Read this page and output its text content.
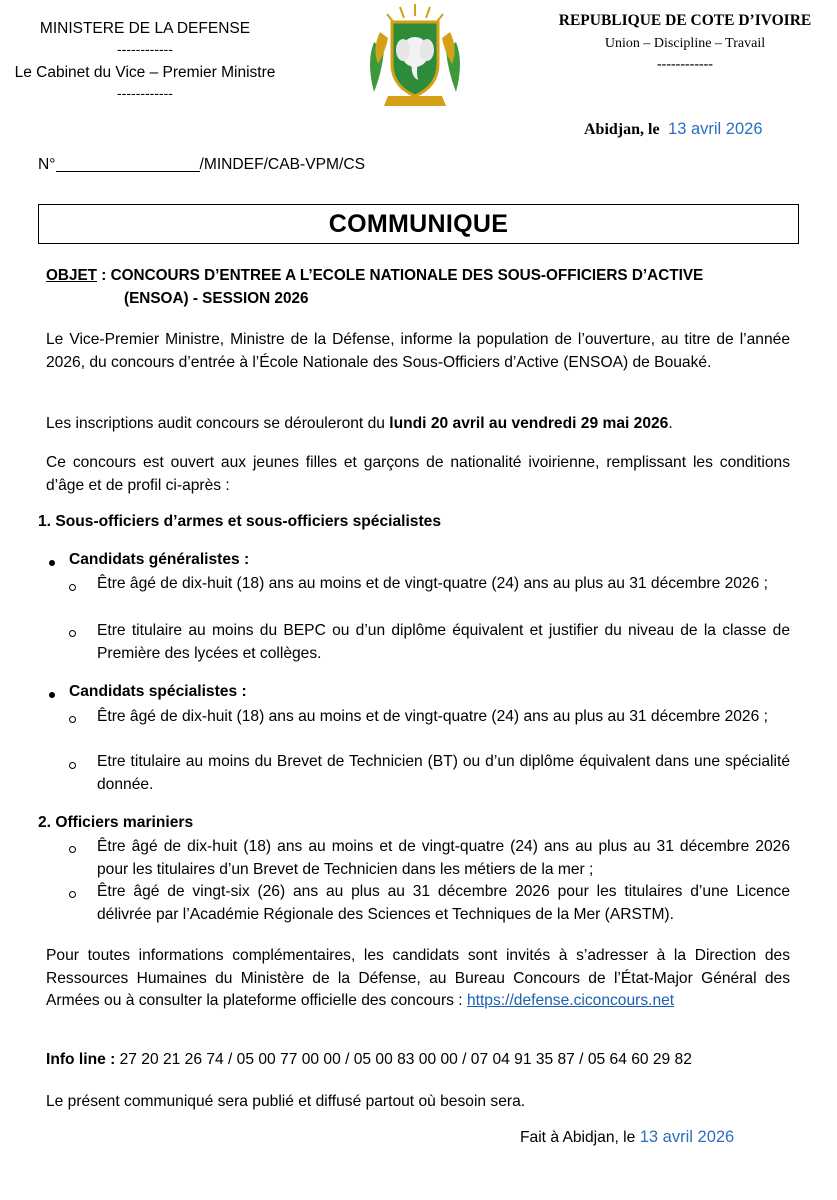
MINISTERE DE LA DEFENSE
------------
Le Cabinet du Vice – Premier Ministre
------------
REPUBLIQUE DE COTE D’IVOIRE
Union – Discipline – Travail
------------
Abidjan, le 13 avril 2026
N°	/MINDEF/CAB-VPM/CS
COMMUNIQUE
OBJET : CONCOURS D’ENTREE A L’ECOLE NATIONALE DES SOUS-OFFICIERS D’ACTIVE
(ENSOA) - SESSION 2026
Le Vice-Premier Ministre, Ministre de la Défense, informe la population de l’ouverture, au titre de l’année 2026, du concours d’entrée à l’École Nationale des Sous-Officiers d’Active (ENSOA) de Bouaké.
Les inscriptions audit concours se dérouleront du lundi 20 avril au vendredi 29 mai 2026.
Ce concours est ouvert aux jeunes filles et garçons de nationalité ivoirienne, remplissant les conditions d’âge et de profil ci-après :
1. Sous-officiers d’armes et sous-officiers spécialistes
Candidats généralistes :
Être âgé de dix-huit (18) ans au moins et de vingt-quatre (24) ans au plus au 31 décembre 2026 ;
Etre titulaire au moins du BEPC ou d’un diplôme équivalent et justifier du niveau de la classe de Première des lycées et collèges.
Candidats spécialistes :
Être âgé de dix-huit (18) ans au moins et de vingt-quatre (24) ans au plus au 31 décembre 2026 ;
Etre titulaire au moins du Brevet de Technicien (BT) ou d’un diplôme équivalent dans une spécialité donnée.
2. Officiers mariniers
Être âgé de dix-huit (18) ans au moins et de vingt-quatre (24) ans au plus au 31 décembre 2026 pour les titulaires d’un Brevet de Technicien dans les métiers de la mer ;
Être âgé de vingt-six (26) ans au plus au 31 décembre 2026 pour les titulaires d’une Licence délivrée par l’Académie Régionale des Sciences et Techniques de la Mer (ARSTM).
Pour toutes informations complémentaires, les candidats sont invités à s’adresser à la Direction des Ressources Humaines du Ministère de la Défense, au Bureau Concours de l’État-Major Général des Armées ou à consulter la plateforme officielle des concours : https://defense.ciconcours.net
Info line : 27 20 21 26 74 / 05 00 77 00 00 / 05 00 83 00 00 / 07 04 91 35 87 / 05 64 60 29 82
Le présent communiqué sera publié et diffusé partout où besoin sera.
Fait à Abidjan, le 13 avril 2026
